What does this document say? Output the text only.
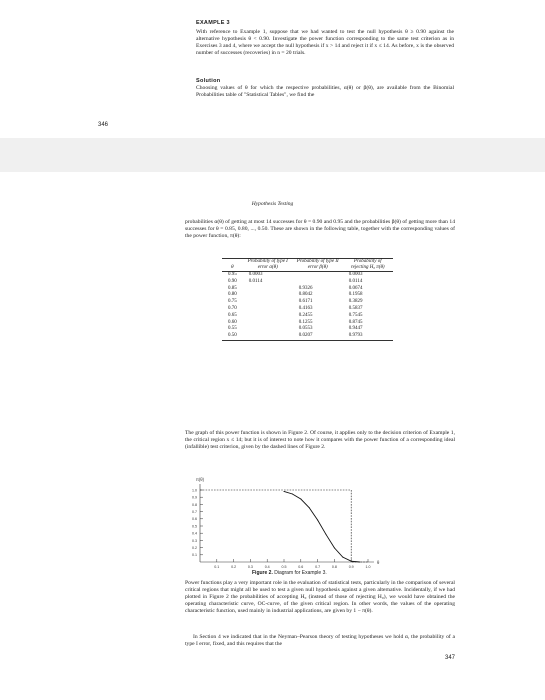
EXAMPLE 3
With reference to Example 1, suppose that we had wanted to test the null hypothesis θ ≥ 0.90 against the alternative hypothesis θ < 0.90. Investigate the power function corresponding to the same test criterion as in Exercises 3 and 4, where we accept the null hypothesis if x > 14 and reject it if x ≤ 14. As before, x is the observed number of successes (recoveries) in n = 20 trials.
Solution
Choosing values of θ for which the respective probabilities, α(θ) or β(θ), are available from the Binomial Probabilities table of "Statistical Tables", we find the
346
Hypothesis Testing
probabilities α(θ) of getting at most 14 successes for θ = 0.90 and 0.95 and the probabilities β(θ) of getting more than 14 successes for θ = 0.85, 0.80, ..., 0.50. These are shown in the following table, together with the corresponding values of the power function, π(θ):
θ	Probability of type I error α(θ)	Probability of type II error β(θ)	Probability of rejecting H₀ π(θ)
0.95	0.0003		0.0003
0.90	0.0114		0.0114
0.85		0.9326	0.0674
0.80		0.8042	0.1958
0.75		0.6171	0.3829
0.70		0.4163	0.5837
0.65		0.2455	0.7545
0.60		0.1255	0.8745
0.55		0.0553	0.9447
0.50		0.0207	0.9793
The graph of this power function is shown in Figure 2. Of course, it applies only to the decision criterion of Example 1, the critical region x ≤ 14; but it is of interest to note how it compares with the power function of a corresponding ideal (infallible) test criterion, given by the dashed lines of Figure 2.
π(θ)
θ
0.1
0.2
0.3
0.4
0.5
0.6
0.7
0.8
0.9
1.0
0.1	0.2	0.3	0.4	0.5	0.6	0.7	0.8	0.9	1.0
Figure 2. Diagram for Example 3.
Power functions play a very important role in the evaluation of statistical tests, particularly in the comparison of several critical regions that might all be used to test a given null hypothesis against a given alternative. Incidentally, if we had plotted in Figure 2 the probabilities of accepting H₀ (instead of those of rejecting H₀), we would have obtained the operating characteristic curve, OC-curve, of the given critical region. In other words, the values of the operating characteristic function, used mainly in industrial applications, are given by 1 − π(θ).
In Section 4 we indicated that in the Neyman–Pearson theory of testing hypotheses we hold α, the probability of a type I error, fixed, and this requires that the
347
